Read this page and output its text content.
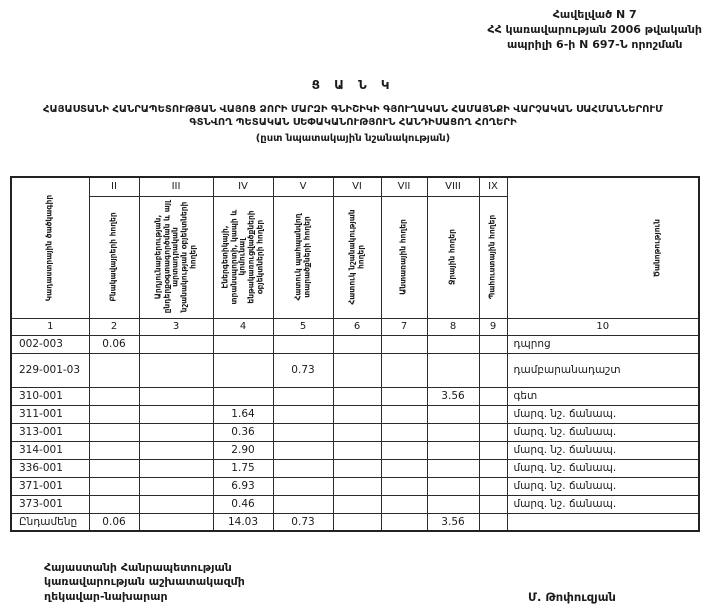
Հավելված N 7
ՀՀ կառավարության 2006 թվականի
ապրիլի 6-ի N 697-Ն որոշման
Ց Ա Ն Կ
ՀԱՅԱՍՏԱՆԻ ՀԱՆՐԱՊԵՏՈՒԹՅԱՆ ՎԱՅՈՑ ՁՈՐԻ ՄԱՐԶԻ ԳՆԻՇԻԿԻ ԳՅՈՒՂԱԿԱՆ ՀԱՄԱՅՆՔԻ ՎԱՐՉԱԿԱՆ ՍԱՀՄԱՆՆԵՐՈՒՄ ԳՏՆՎՈՂ ՊԵՏԱԿԱՆ ՍԵՓԱԿԱՆՈՒԹՅՈՒՆ ՀԱՆԴԻՍԱՑՈՂ ՀՈՂԵՐԻ
(ըստ նպատակային նշանակության)
Կադաստրային ծածկագիր	II	III	IV	V	VI	VII	VIII	IX	Ծանոթություն

	Բնակավայրերի հողեր	Արդյունաբերության, ընդերքօգտագործման և այլ արտադրական նշանակության օբյեկտների հողեր	Էներգետիկայի, տրանսպորտի, կապի և կոմունալ ենթակառուցվածքների օբյեկտների հողեր	Հատուկ պահպանվող տարածքների հողեր	Հատուկ նշանակության հողեր	Անտառային հողեր	Ջրային հողեր	Պահուստային հողեր	

1	2	3	4	5	6	7	8	9	10
002-003	0.06								դպրոց
229-001-03				0.73					դամբարանադաշտ
310-001							3.56		գետ
311-001			1.64						մարզ. նշ. ճանապ.
313-001			0.36						մարզ. նշ. ճանապ.
314-001			2.90						մարզ. նշ. ճանապ.
336-001			1.75						մարզ. նշ. ճանապ.
371-001			6.93						մարզ. նշ. ճանապ.
373-001			0.46						մարզ. նշ. ճանապ.
Ընդամենը	0.06		14.03	0.73			3.56		
Հայաստանի Հանրապետության
կառավարության աշխատակազմի
ղեկավար-նախարար	Մ. Թոփուզյան
